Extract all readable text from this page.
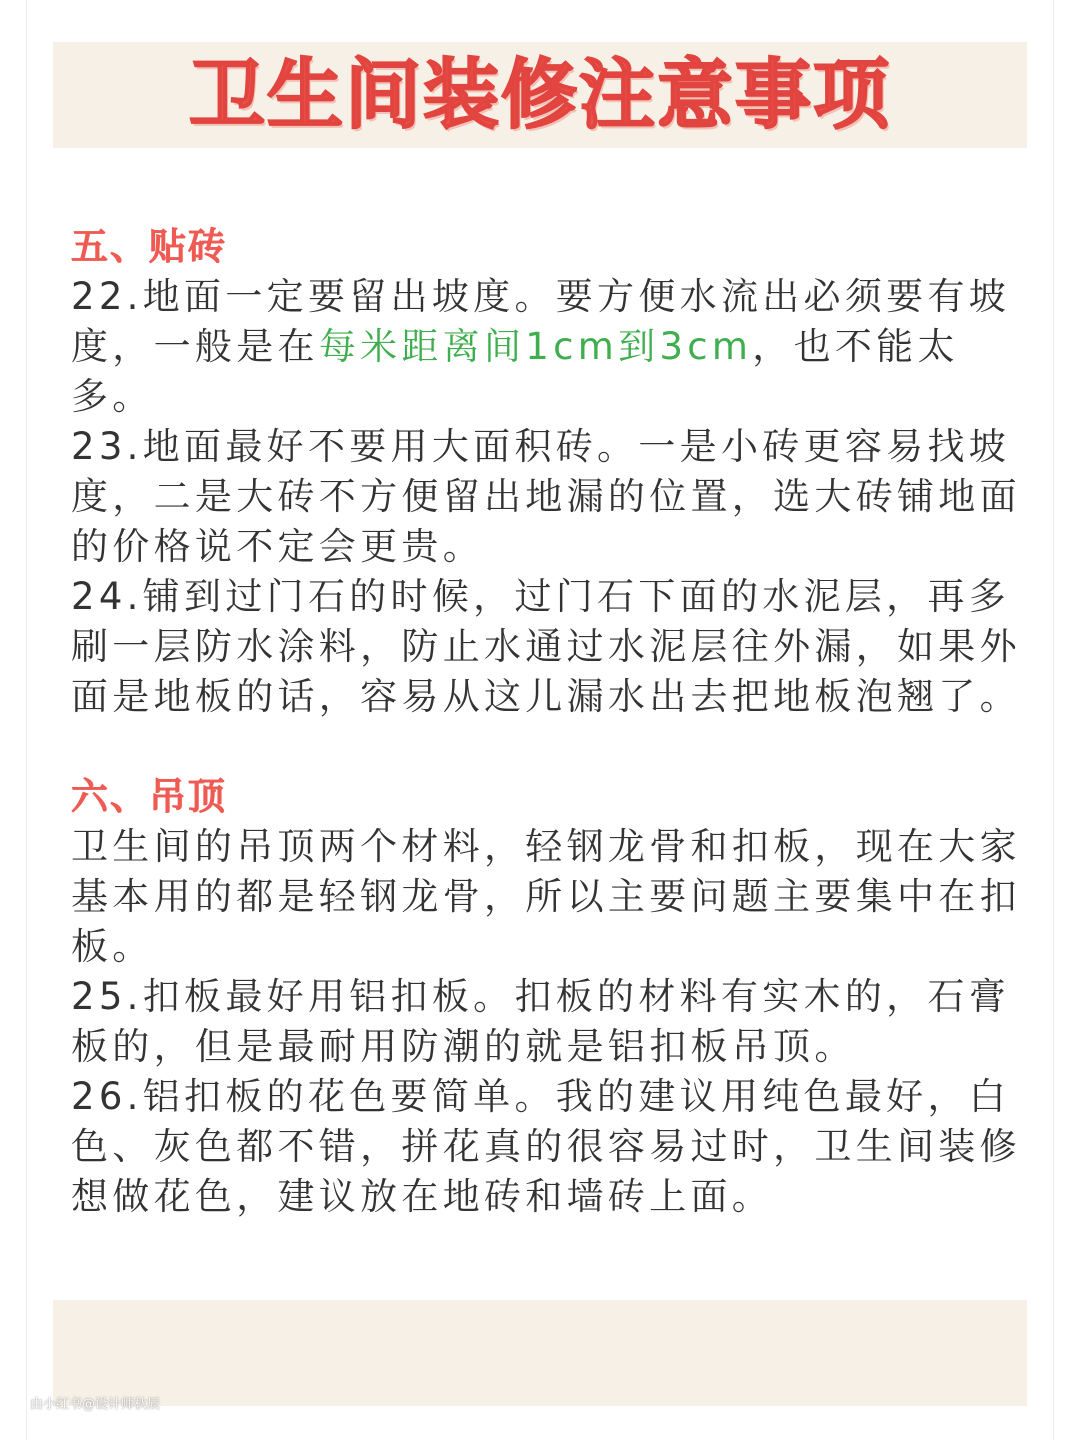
卫生间装修注意事项
五、贴砖
22.地面一定要留出坡度。要方便水流出必须要有坡度，一般是在每米距离间1cm到3cm，也不能太多。
23.地面最好不要用大面积砖。一是小砖更容易找坡度，二是大砖不方便留出地漏的位置，选大砖铺地面的价格说不定会更贵。
24.铺到过门石的时候，过门石下面的水泥层，再多刷一层防水涂料，防止水通过水泥层往外漏，如果外面是地板的话，容易从这儿漏水出去把地板泡翘了。
六、吊顶
卫生间的吊顶两个材料，轻钢龙骨和扣板，现在大家基本用的都是轻钢龙骨，所以主要问题主要集中在扣板。
25.扣板最好用铝扣板。扣板的材料有实木的，石膏板的，但是最耐用防潮的就是铝扣板吊顶。
26.铝扣板的花色要简单。我的建议用纯色最好，白色、灰色都不错，拼花真的很容易过时，卫生间装修想做花色，建议放在地砖和墙砖上面。
由小红书@设计师秋辰
